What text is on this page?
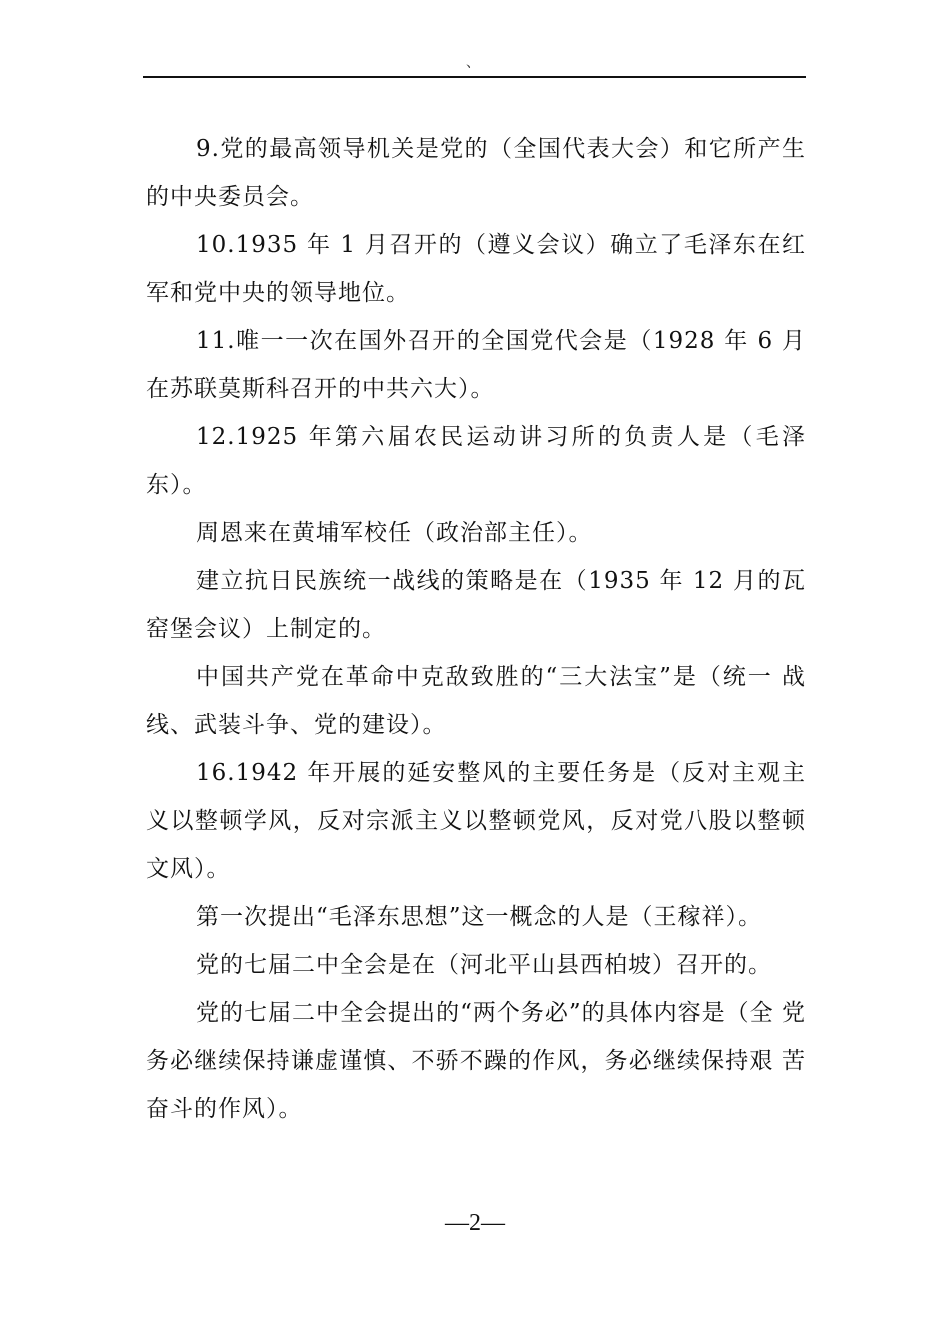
、

9.党的最高领导机关是党的（全国代表大会）和它所产生 的中央委员会。

10.1935 年 1 月召开的（遵义会议）确立了毛泽东在红军和党中央的领导地位。

11.唯一一次在国外召开的全国党代会是（1928 年 6 月在苏联莫斯科召开的中共六大）。

12.1925 年第六届农民运动讲习所的负责人是（毛泽东）。

周恩来在黄埔军校任（政治部主任）。

建立抗日民族统一战线的策略是在（1935 年 12 月的瓦窑堡会议）上制定的。

中国共产党在革命中克敌致胜的“三大法宝”是（统一 战线、武装斗争、党的建设）。

16.1942 年开展的延安整风的主要任务是（反对主观主义以整顿学风，反对宗派主义以整顿党风，反对党八股以整顿文风）。

第一次提出“毛泽东思想”这一概念的人是（王稼祥）。

党的七届二中全会是在（河北平山县西柏坡）召开的。

党的七届二中全会提出的“两个务必”的具体内容是（全 党务必继续保持谦虚谨慎、不骄不躁的作风，务必继续保持艰 苦奋斗的作风）。

—2—
